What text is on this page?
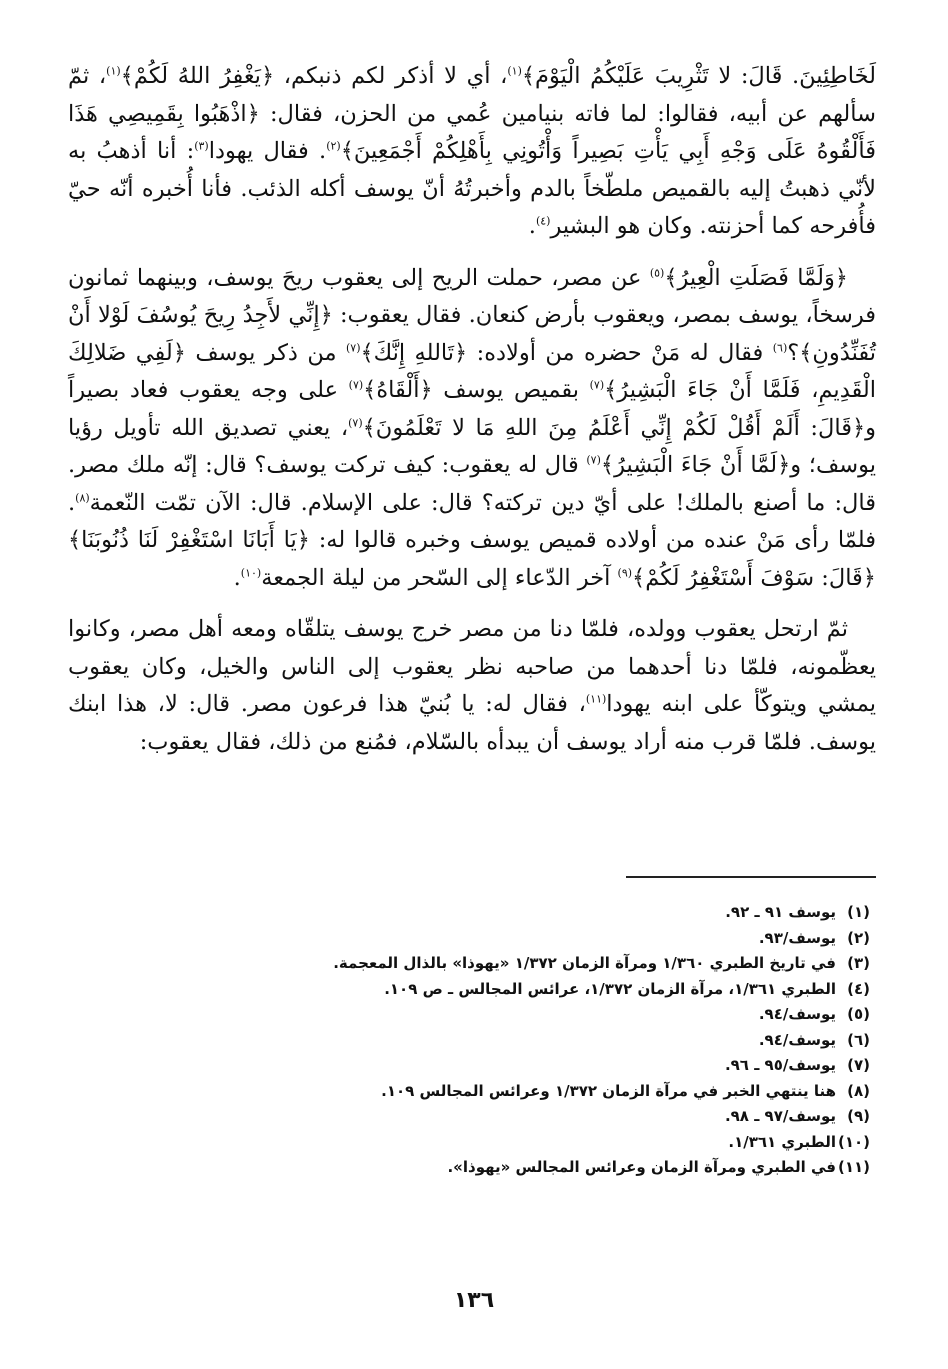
لَخَاطِئِينَ. قَالَ: لا تَثْرِيبَ عَلَيْكُمُ الْيَوْمَ﴾$^{(١)}$، أي لا أذكر لكم ذنبكم، ﴿يَغْفِرُ اللهُ لَكُمْ﴾$^{(١)}$، ثمّ سألهم عن أبيه، فقالوا: لما فاته بنيامين عُمي من الحزن، فقال: ﴿اذْهَبُوا بِقَمِيصِي هَذَا فَأَلْقُوهُ عَلَى وَجْهِ أَبِي يَأْتِ بَصِيراً وَأْتُونِي بِأَهْلِكُمْ أَجْمَعِينَ﴾$^{(٢)}$. فقال يهودا$^{(٣)}$: أنا أذهبُ به لأنّي ذهبتُ إليه بالقميص ملطّخاً بالدم وأخبرتُهُ أنّ يوسف أكله الذئب. فأنا أُخبره أنّه حيّ فأُفرحه كما أحزنته. وكان هو البشير$^{(٤)}$.

﴿وَلَمَّا فَصَلَتِ الْعِيرُ﴾$^{(٥)}$ عن مصر، حملت الريح إلى يعقوب ريحَ يوسف، وبينهما ثمانون فرسخاً، يوسف بمصر، ويعقوب بأرض كنعان. فقال يعقوب: ﴿إِنِّي لأَجِدُ رِيحَ يُوسُفَ لَوْلا أَنْ تُفَنِّدُونِ﴾؟$^{(٦)}$ فقال له مَنْ حضره من أولاده: ﴿تَاللهِ إِنَّكَ﴾$^{(٧)}$ من ذكر يوسف ﴿لَفِي ضَلالِكَ الْقَدِيمِ، فَلَمَّا أَنْ جَاءَ الْبَشِيرُ﴾$^{(٧)}$ بقميص يوسف ﴿أَلْقَاهُ﴾$^{(٧)}$ على وجه يعقوب فعاد بصيراً و﴿قَالَ: أَلَمْ أَقُلْ لَكُمْ إِنِّي أَعْلَمُ مِنَ اللهِ مَا لا تَعْلَمُونَ﴾$^{(٧)}$، يعني تصديق الله تأويل رؤيا يوسف؛ و﴿لَمَّا أَنْ جَاءَ الْبَشِيرُ﴾$^{(٧)}$ قال له يعقوب: كيف تركت يوسف؟ قال: إنّه ملك مصر. قال: ما أصنع بالملك! على أيّ دين تركته؟ قال: على الإسلام. قال: الآن تمّت النّعمة$^{(٨)}$. فلمّا رأى مَنْ عنده من أولاده قميص يوسف وخبره قالوا له: ﴿يَا أَبَانَا اسْتَغْفِرْ لَنَا ذُنُوبَنَا﴾ ﴿قَالَ: سَوْفَ أَسْتَغْفِرُ لَكُمْ﴾$^{(٩)}$ آخر الدّعاء إلى السّحر من ليلة الجمعة$^{(١٠)}$.

ثمّ ارتحل يعقوب وولده، فلمّا دنا من مصر خرج يوسف يتلقّاه ومعه أهل مصر، وكانوا يعظّمونه، فلمّا دنا أحدهما من صاحبه نظر يعقوب إلى الناس والخيل، وكان يعقوب يمشي ويتوكّأ على ابنه يهودا$^{(١١)}$، فقال له: يا بُنيّ هذا فرعون مصر. قال: لا، هذا ابنك يوسف. فلمّا قرب منه أراد يوسف أن يبدأه بالسّلام، فمُنع من ذلك، فقال يعقوب:

(١)يوسف ٩١ ـ ٩٢.
(٢)يوسف/٩٣.
(٣)في تاريخ الطبري ١/٣٦٠ ومرآة الزمان ١/٣٧٢ «يهوذا» بالذال المعجمة.
(٤)الطبري ١/٣٦١، مرآة الزمان ١/٣٧٢، عرائس المجالس ـ ص ١٠٩.
(٥)يوسف/٩٤.
(٦)يوسف/٩٤.
(٧)يوسف/٩٥ ـ ٩٦.
(٨)هنا ينتهي الخبر في مرآة الزمان ١/٣٧٢ وعرائس المجالس ١٠٩.
(٩)يوسف/٩٧ ـ ٩٨.
(١٠)الطبري ١/٣٦١.
(١١)في الطبري ومرآة الزمان وعرائس المجالس «يهوذا».
١٣٦
